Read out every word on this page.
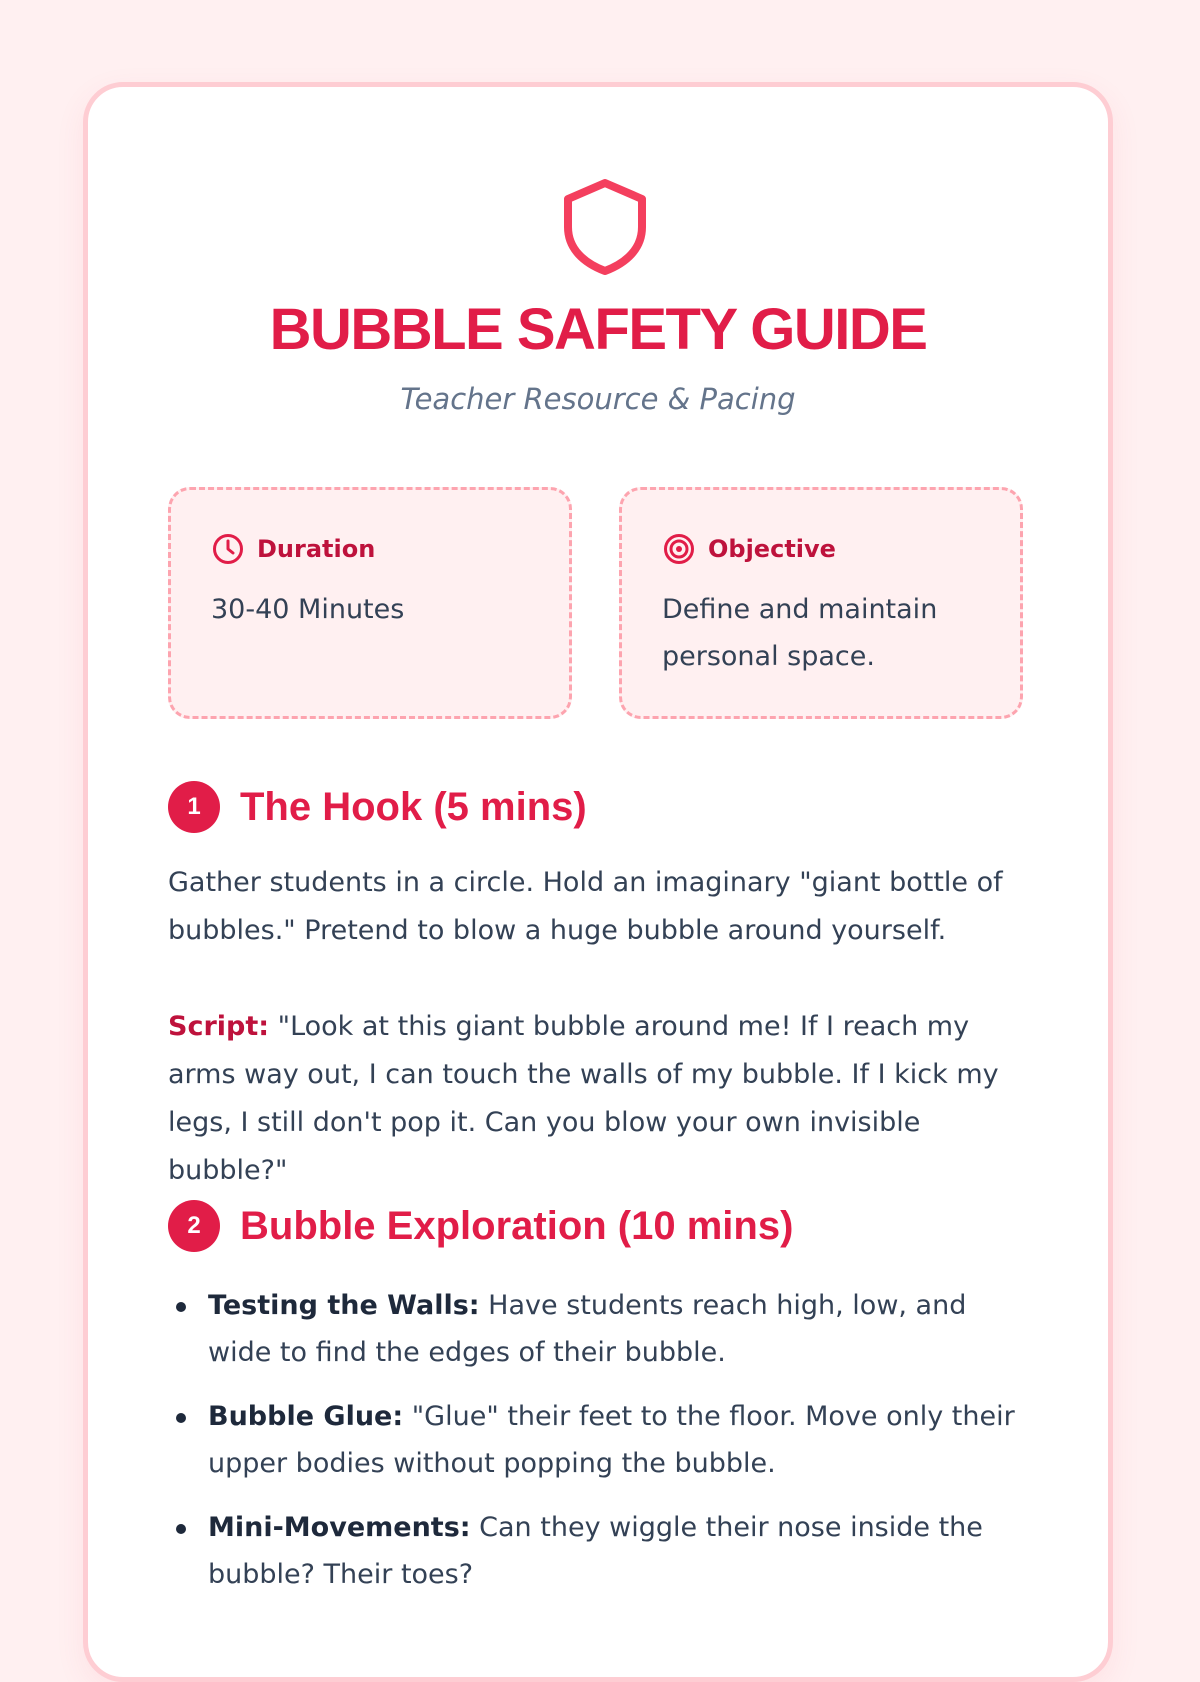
BUBBLE SAFETY GUIDE
Teacher Resource & Pacing
Duration
30-40 Minutes
Objective
Define and maintain personal space.
1 The Hook (5 mins)
Gather students in a circle. Hold an imaginary "giant bottle of bubbles." Pretend to blow a huge bubble around yourself.
Script: "Look at this giant bubble around me! If I reach my arms way out, I can touch the walls of my bubble. If I kick my legs, I still don't pop it. Can you blow your own invisible bubble?"
2 Bubble Exploration (10 mins)
Testing the Walls: Have students reach high, low, and wide to find the edges of their bubble.
Bubble Glue: "Glue" their feet to the floor. Move only their upper bodies without popping the bubble.
Mini-Movements: Can they wiggle their nose inside the bubble? Their toes?
